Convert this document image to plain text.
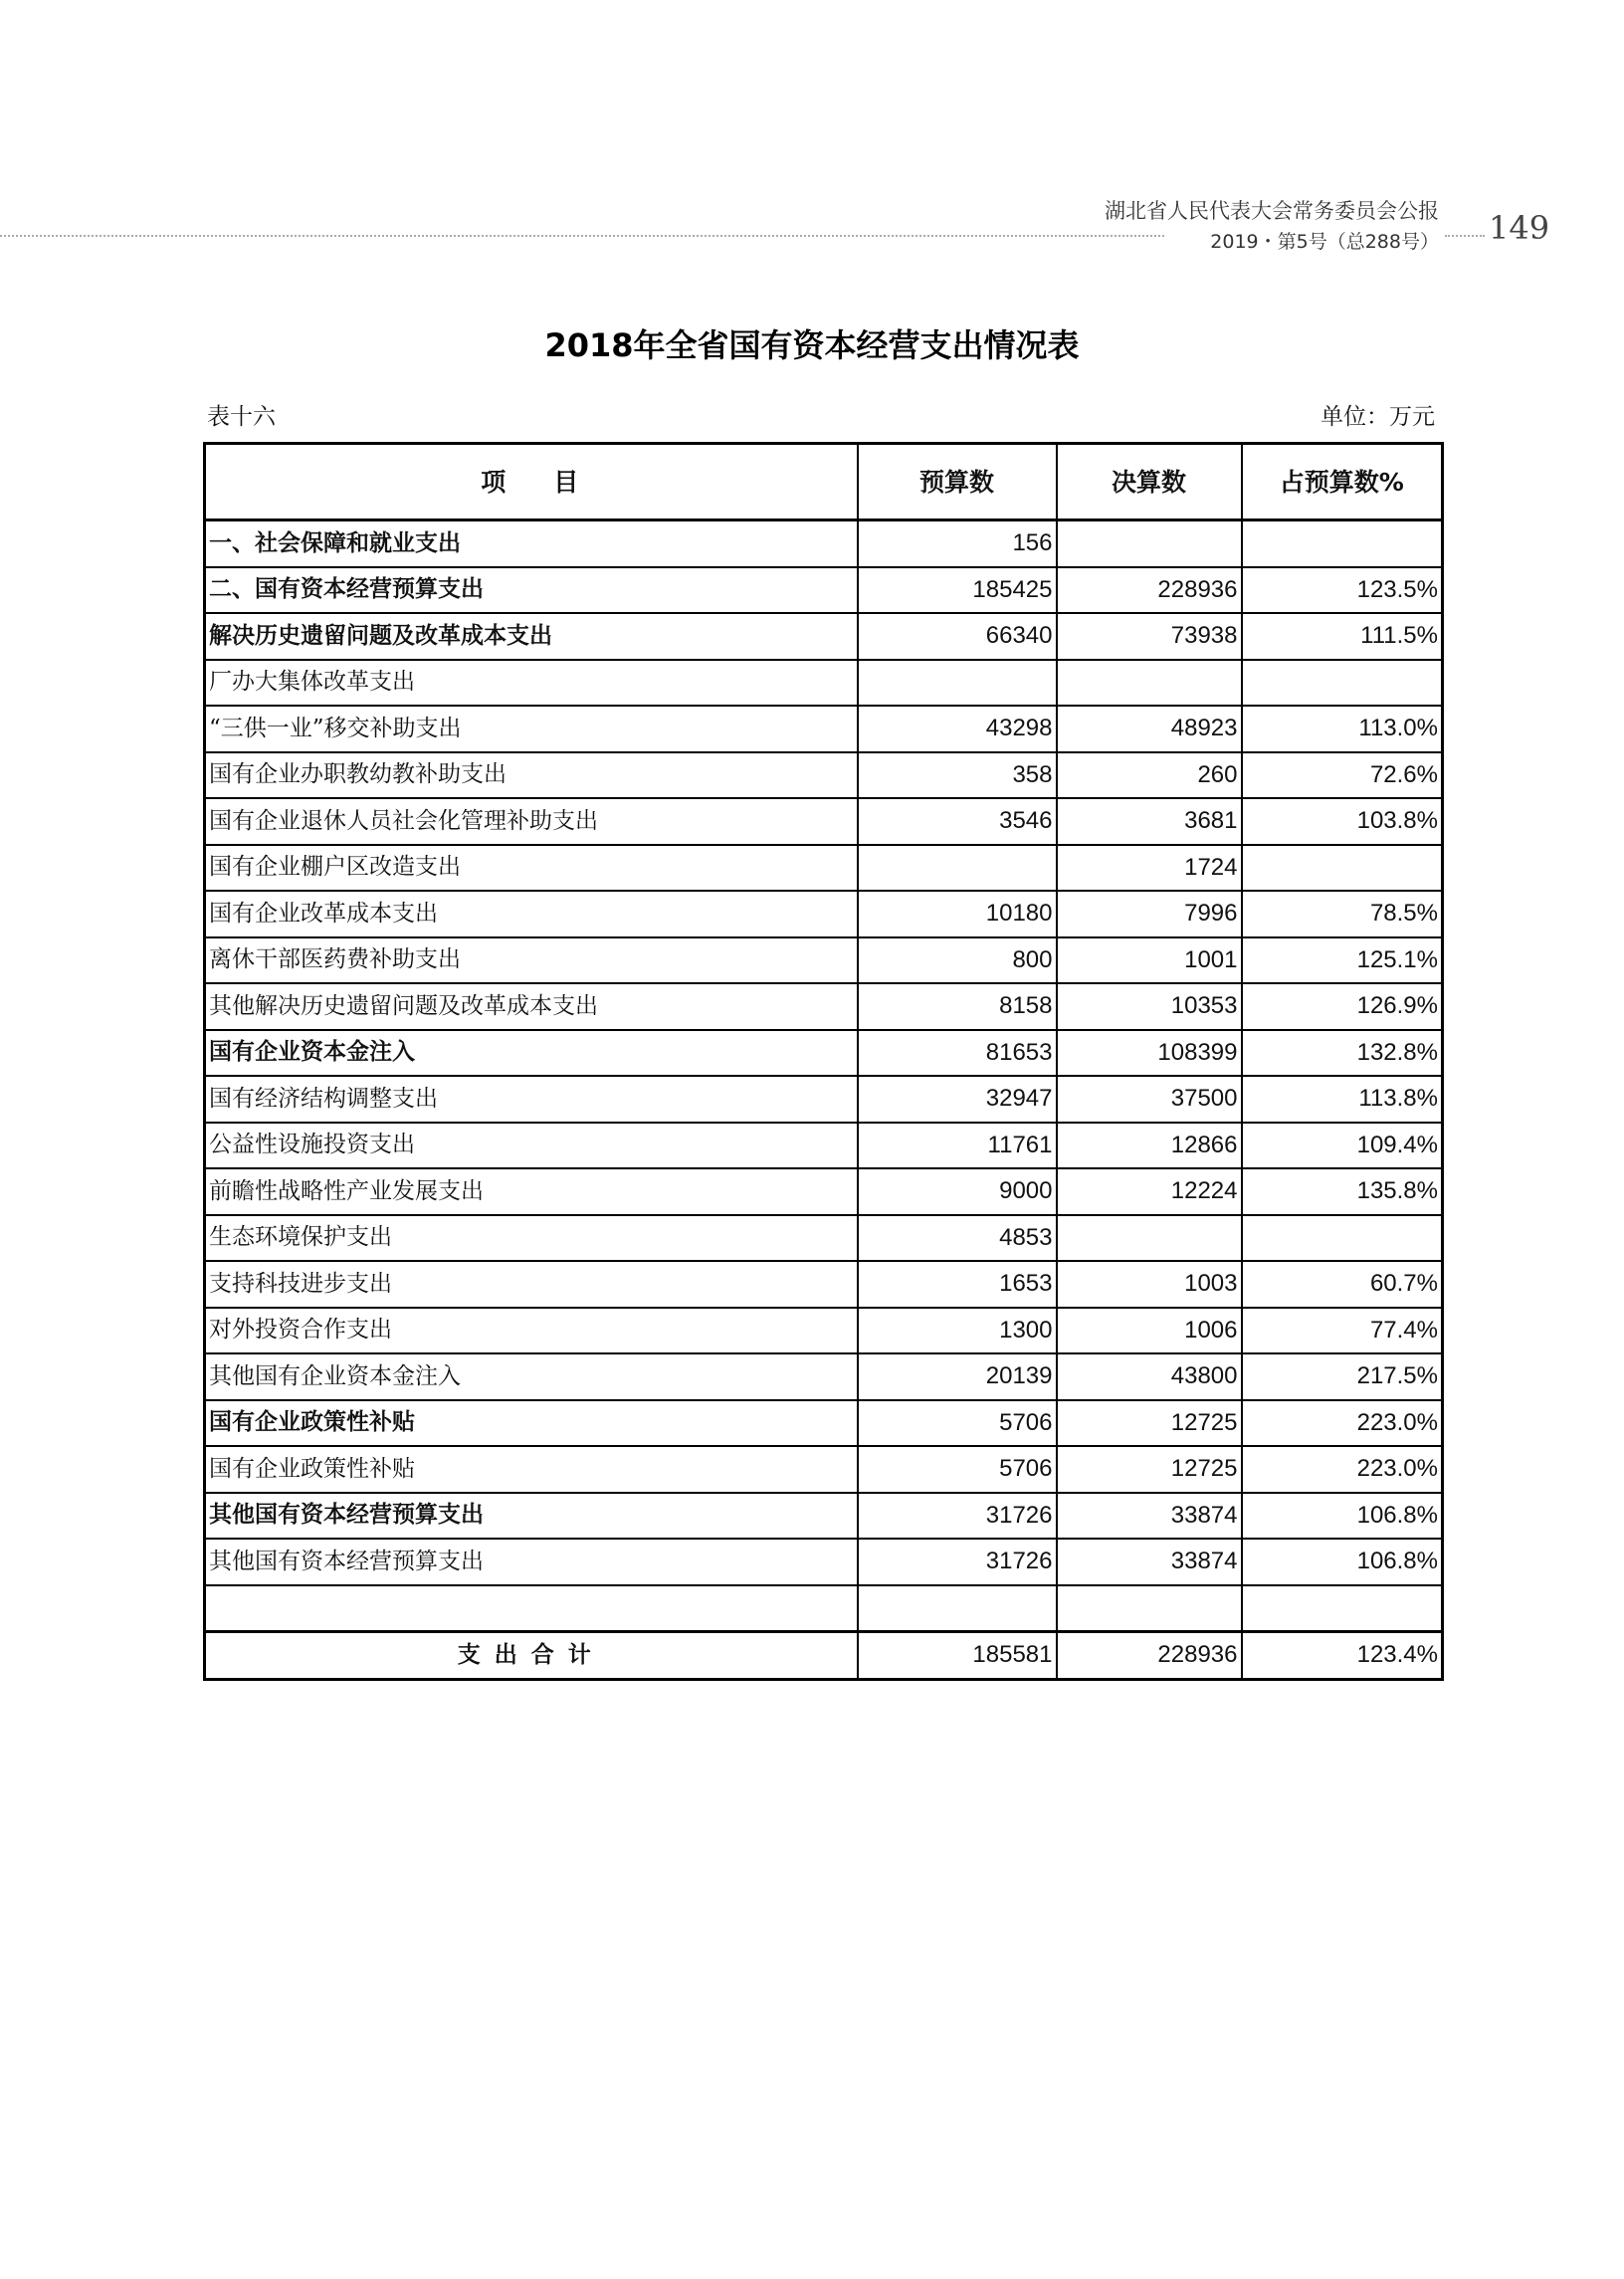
湖北省人民代表大会常务委员会公报
2019・第5号（总288号） 149
2018年全省国有资本经营支出情况表
表十六	单位：万元
项目	预算数	决算数	占预算数%
一、社会保障和就业支出	156		
二、国有资本经营预算支出	185425	228936	123.5%
解决历史遗留问题及改革成本支出	66340	73938	111.5%
厂办大集体改革支出			
“三供一业”移交补助支出	43298	48923	113.0%
国有企业办职教幼教补助支出	358	260	72.6%
国有企业退休人员社会化管理补助支出	3546	3681	103.8%
国有企业棚户区改造支出		1724	
国有企业改革成本支出	10180	7996	78.5%
离休干部医药费补助支出	800	1001	125.1%
其他解决历史遗留问题及改革成本支出	8158	10353	126.9%
国有企业资本金注入	81653	108399	132.8%
国有经济结构调整支出	32947	37500	113.8%
公益性设施投资支出	11761	12866	109.4%
前瞻性战略性产业发展支出	9000	12224	135.8%
生态环境保护支出	4853		
支持科技进步支出	1653	1003	60.7%
对外投资合作支出	1300	1006	77.4%
其他国有企业资本金注入	20139	43800	217.5%
国有企业政策性补贴	5706	12725	223.0%
国有企业政策性补贴	5706	12725	223.0%
其他国有资本经营预算支出	31726	33874	106.8%
其他国有资本经营预算支出	31726	33874	106.8%

支出合计	185581	228936	123.4%
